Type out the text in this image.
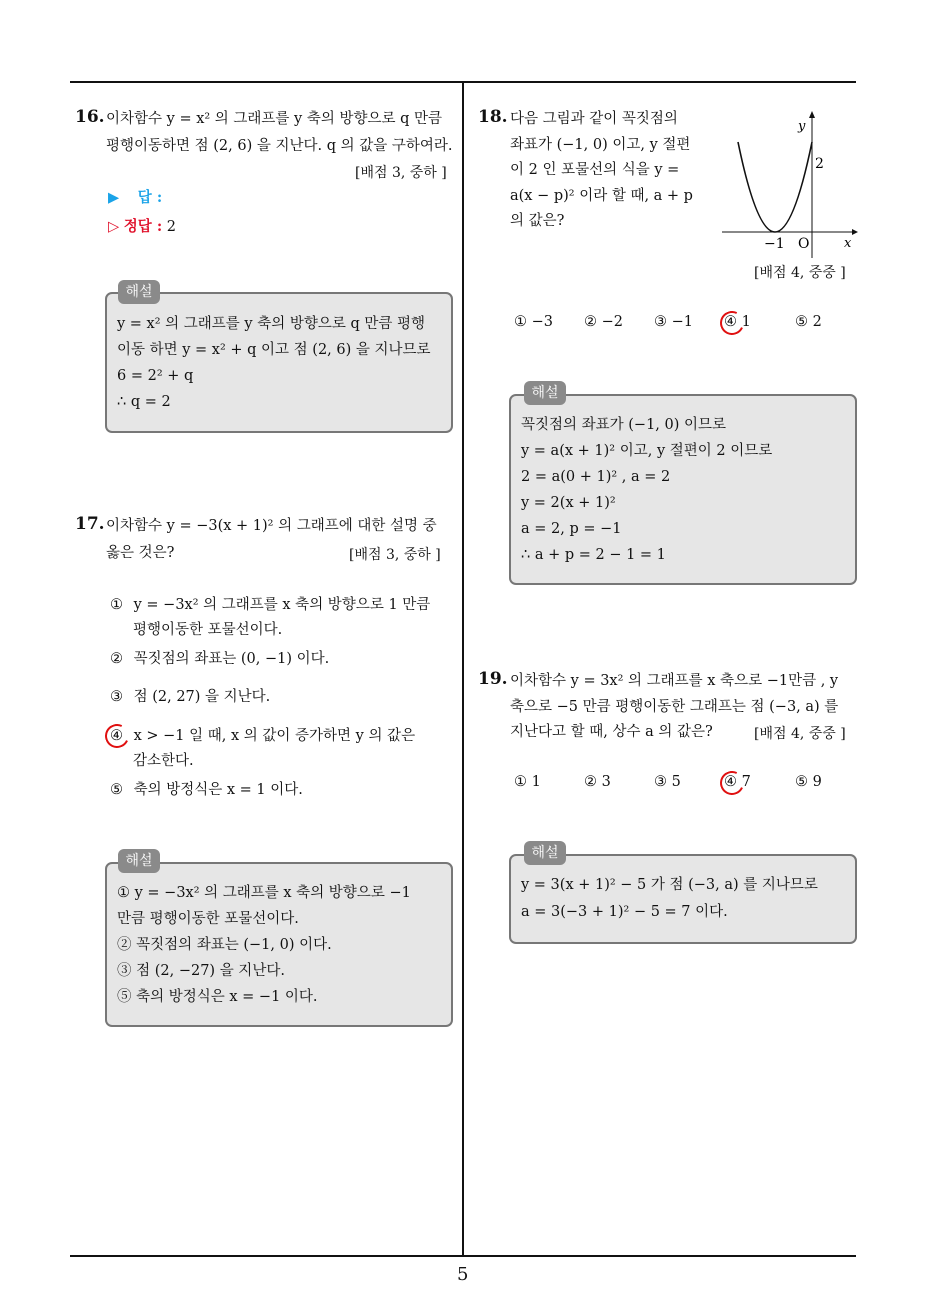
5
16. 이차함수 y = x² 의 그래프를 y 축의 방향으로 q 만큼
평행이동하면 점 (2, 6) 을 지난다. q 의 값을 구하여라.
[배점 3, 중하 ]
▶ 답 :
▷ 정답 : 2
해설
y = x² 의 그래프를 y 축의 방향으로 q 만큼 평행
이동 하면 y = x² + q 이고 점 (2, 6) 을 지나므로
6 = 2² + q
∴ q = 2
17. 이차함수 y = −3(x + 1)² 의 그래프에 대한 설명 중
옳은 것은?	[배점 3, 중하 ]
① y = −3x² 의 그래프를 x 축의 방향으로 1 만큼
평행이동한 포물선이다.
② 꼭짓점의 좌표는 (0, −1) 이다.
③ 점 (2, 27) 을 지난다.
④ x > −1 일 때, x 의 값이 증가하면 y 의 값은
감소한다.
⑤ 축의 방정식은 x = 1 이다.
해설
① y = −3x² 의 그래프를 x 축의 방향으로 −1
만큼 평행이동한 포물선이다.
② 꼭짓점의 좌표는 (−1, 0) 이다.
③ 점 (2, −27) 을 지난다.
⑤ 축의 방정식은 x = −1 이다.
18. 다음 그림과 같이 꼭짓점의
좌표가 (−1, 0) 이고, y 절편
이 2 인 포물선의 식을 y =
a(x − p)² 이라 할 때, a + p
의 값은?
y
x
O
−1
2
[배점 4, 중중 ]
① −3 ② −2 ③ −1 ④ 1	⑤ 2
해설
꼭짓점의 좌표가 (−1, 0) 이므로
y = a(x + 1)² 이고, y 절편이 2 이므로
2 = a(0 + 1)² , a = 2
y = 2(x + 1)²
a = 2, p = −1
∴ a + p = 2 − 1 = 1
19. 이차함수 y = 3x² 의 그래프를 x 축으로 −1만큼 , y
축으로 −5 만큼 평행이동한 그래프는 점 (−3, a) 를
지난다고 할 때, 상수 a 의 값은?	[배점 4, 중중 ]
① 1	② 3	③ 5	④ 7	⑤ 9
해설
y = 3(x + 1)² − 5 가 점 (−3, a) 를 지나므로
a = 3(−3 + 1)² − 5 = 7 이다.
